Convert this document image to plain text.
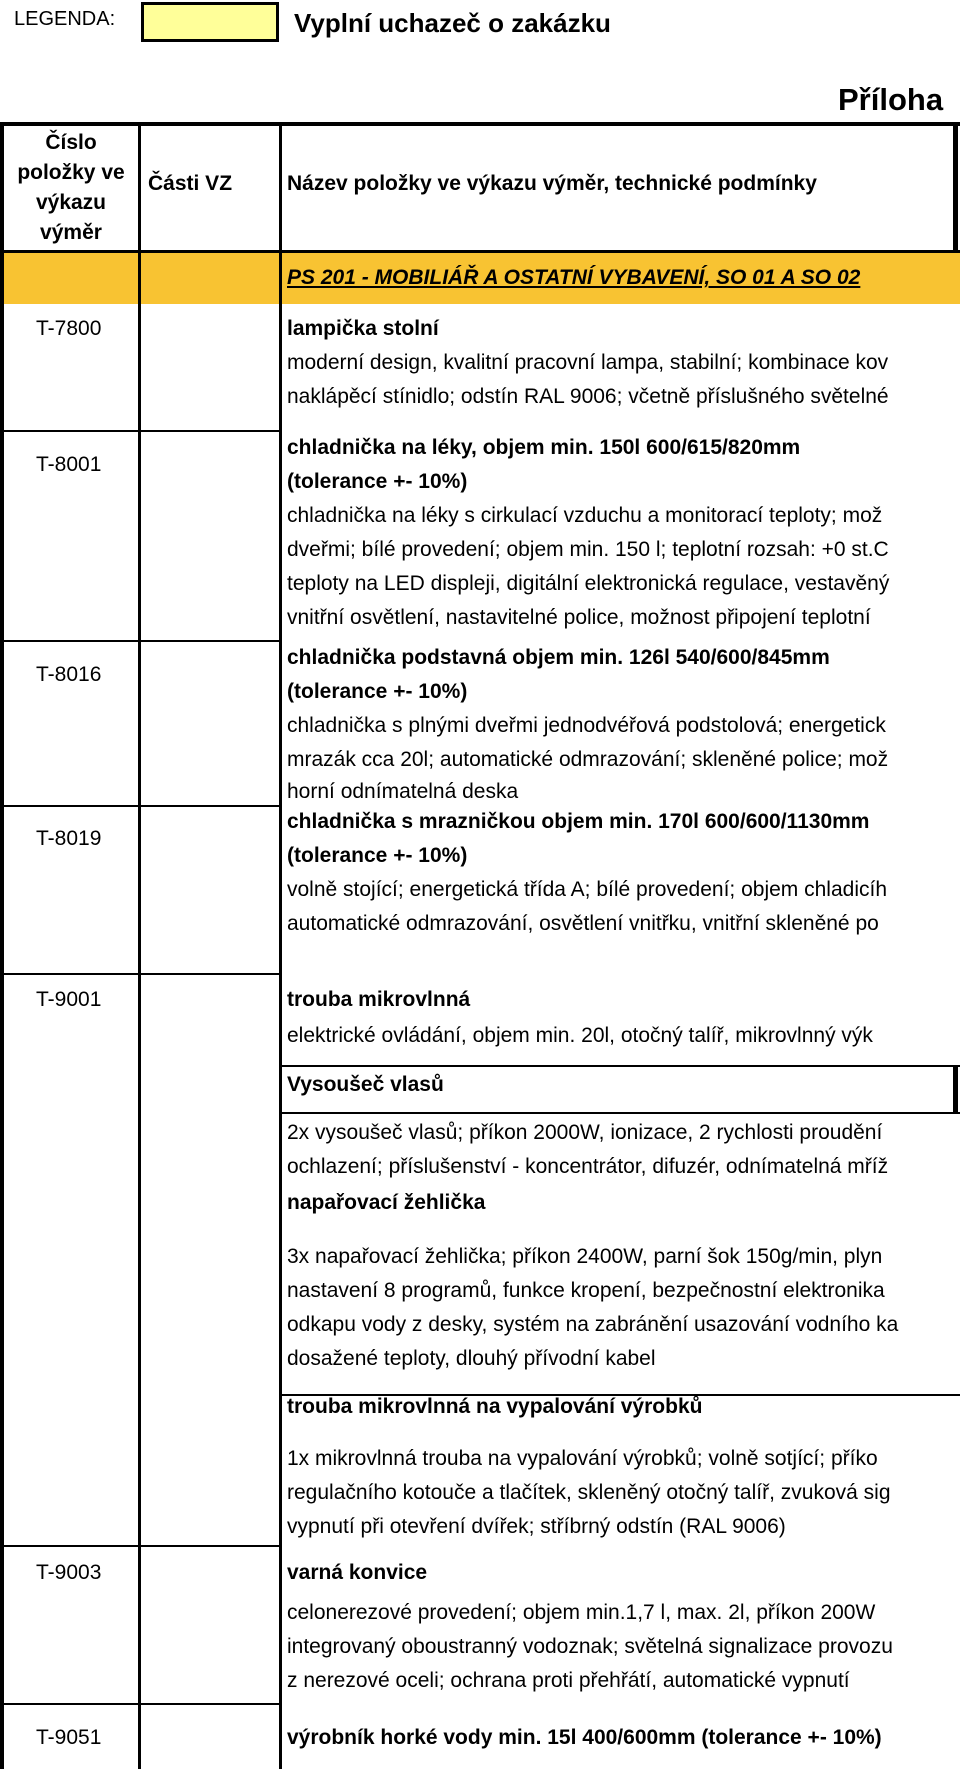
LEGENDA:	Vyplní uchazeč o zakázku
Příloha
Číslo
položky ve
výkazu
výměr
Části VZ	Název položky ve výkazu výměr, technické podmínky
PS 201 - MOBILIÁŘ A OSTATNÍ VYBAVENÍ, SO 01 A SO 02
T-7800
T-8001
T-8016
T-8019
T-9001
T-9003
T-9051
lampička stolní
moderní design, kvalitní pracovní lampa, stabilní; kombinace kov
naklápěcí stínidlo; odstín RAL 9006; včetně příslušného světelné
chladnička na léky, objem min. 150l 600/615/820mm
(tolerance +- 10%)
chladnička na léky s cirkulací vzduchu a monitorací teploty; mož
dveřmi; bílé provedení; objem min. 150 l; teplotní rozsah: +0 st.C
teploty na LED displeji, digitální elektronická regulace, vestavěný
vnitřní osvětlení, nastavitelné police, možnost připojení teplotní
chladnička podstavná objem min. 126l 540/600/845mm
(tolerance +- 10%)
chladnička s plnými dveřmi jednodvéřová podstolová; energetick
mrazák cca 20l; automatické odmrazování; skleněné police; mož
horní odnímatelná deska
chladnička s mrazničkou objem min. 170l 600/600/1130mm
(tolerance +- 10%)
volně stojící; energetická třída A; bílé provedení; objem chladicíh
automatické odmrazování, osvětlení vnitřku, vnitřní skleněné po
trouba mikrovlnná
elektrické ovládání, objem min. 20l, otočný talíř, mikrovlnný výk
Vysoušeč vlasů
2x vysoušeč vlasů; příkon 2000W, ionizace, 2 rychlosti proudění
ochlazení; příslušenství - koncentrátor, difuzér, odnímatelná mříž
napařovací žehlička
3x napařovací žehlička; příkon 2400W, parní šok 150g/min, plyn
nastavení 8 programů, funkce kropení, bezpečnostní elektronika
odkapu vody z desky, systém na zabránění usazování vodního ka
dosažené teploty, dlouhý přívodní kabel
trouba mikrovlnná na vypalování výrobků
1x mikrovlnná trouba na vypalování výrobků; volně sotjící; příko
regulačního kotouče a tlačítek, skleněný otočný talíř, zvuková sig
vypnutí při otevření dvířek; stříbrný odstín (RAL 9006)
varná konvice
celonerezové provedení; objem min.1,7 l, max. 2l, příkon 200W
integrovaný oboustranný vodoznak; světelná signalizace provozu
z nerezové oceli; ochrana proti přehřátí, automatické vypnutí
výrobník horké vody min. 15l 400/600mm (tolerance +- 10%)
